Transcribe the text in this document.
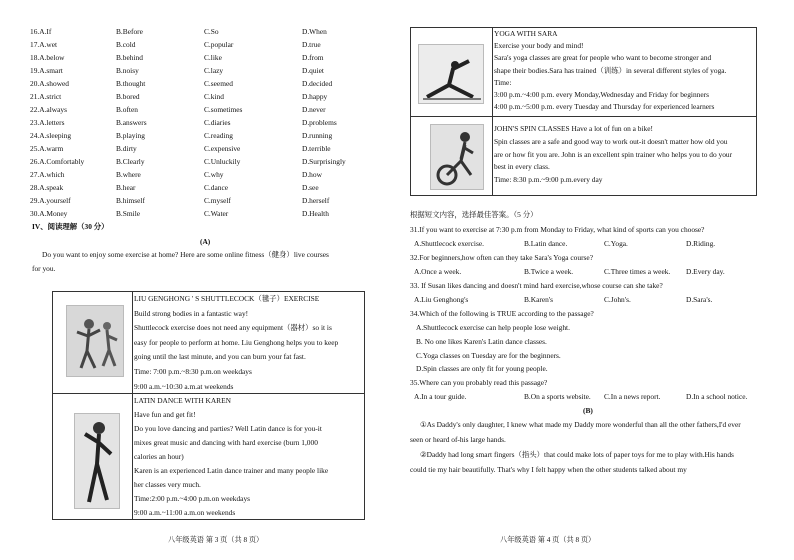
16.A.If	B.Before	C.So	D.When
17.A.wet	B.cold	C.popular	D.true
18.A.below	B.behind	C.like	D.from
19.A.smart	B.noisy	C.lazy	D.quiet
20.A.showed	B.thought	C.seemed	D.decided
21.A.strict	B.bored	C.kind	D.happy
22.A.always	B.often	C.sometimes	D.never
23.A.letters	B.answers	C.diaries	D.problems
24.A.sleeping	B.playing	C.reading	D.running
25.A.warm	B.dirty	C.expensive	D.terrible
26.A.Comfortably	B.Clearly	C.Unluckily	D.Surprisingly
27.A.which	B.where	C.why	D.how
28.A.speak	B.hear	C.dance	D.see
29.A.yourself	B.himself	C.myself	D.herself
30.A.Money	B.Smile	C.Water	D.Health
IV、阅读理解（30 分）
(A)
Do you want to enjoy some exercise at home? Here are some online fitness（健身）live courses
for you.
LIU GENGHONG ' S SHUTTLECOCK（毽子）EXERCISE
Build strong bodies in a fantastic way!
Shuttlecock exercise does not need any equipment（器材）so it is
easy for people to perform at home. Liu Genghong helps you to keep
going until the last minute, and you can burn your fat fast.
Time: 7:00 p.m.~8:30 p.m.on weekdays
9:00 a.m.~10:30 a.m.at weekends
LATIN DANCE WITH KAREN
Have fun and get fit!
Do you love dancing and parties? Well Latin dance is for you-it
mixes great music and dancing with hard exercise (burn 1,000
calories an hour)
Karen is an experienced Latin dance trainer and many people like
her classes very much.
Time:2:00 p.m.~4:00 p.m.on weekdays
9:00 a.m.~11:00 a.m.on weekends
八年级英语 第 3 页（共 8 页）
YOGA WITH SARA
Exercise your body and mind!
Sara's yoga classes are great for people who want to become stronger and
shape their bodies.Sara has trained（训练）in several different styles of yoga.
Time:
3:00 p.m.~4:00 p.m. every Monday,Wednesday and Friday for beginners
4:00 p.m.~5:00 p.m. every Tuesday and Thursday for experienced learners
JOHN'S SPIN CLASSES Have a lot of fun on a bike!
Spin classes are a safe and good way to work out-it doesn't matter how old you
are or how fit you are. John is an excellent spin trainer who helps you to do your
best in every class.
Time: 8:30 p.m.~9:00 p.m.every day
根据短文内容，选择最佳答案。（5 分）
31.If you want to exercise at 7:30 p.m from Monday to Friday, what kind of sports can you choose?
A.Shuttlecock exercise.	B.Latin dance.	C.Yoga.	D.Riding.
32.For beginners,how often can they take Sara's Yoga course?
A.Once a week.	B.Twice a week.	C.Three times a week. D.Every day.
33. If Susan likes dancing and doesn't mind hard exercise,whose course can she take?
A.Liu Genghong's	B.Karen's	C.John's.	D.Sara's.
34.Which of the following is TRUE according to the passage?
A.Shuttlecock exercise can help people lose weight.
B. No one likes Karen's Latin dance classes.
C.Yoga classes on Tuesday are for the beginners.
D.Spin classes are only fit for young people.
35.Where can you probably read this passage?
A.In a tour guide.	B.On a sports website. C.In a news report.	D.In a school notice.
(B)
①As Daddy's only daughter, I knew what made my Daddy more wonderful than all the other fathers,I'd ever
seen or heard of-his large hands.
②Daddy had long smart fingers（指头）that could make lots of paper toys for me to play with.His hands
could tie my hair beautifully. That's why I felt happy when the other students talked about my
八年级英语 第 4 页（共 8 页）
